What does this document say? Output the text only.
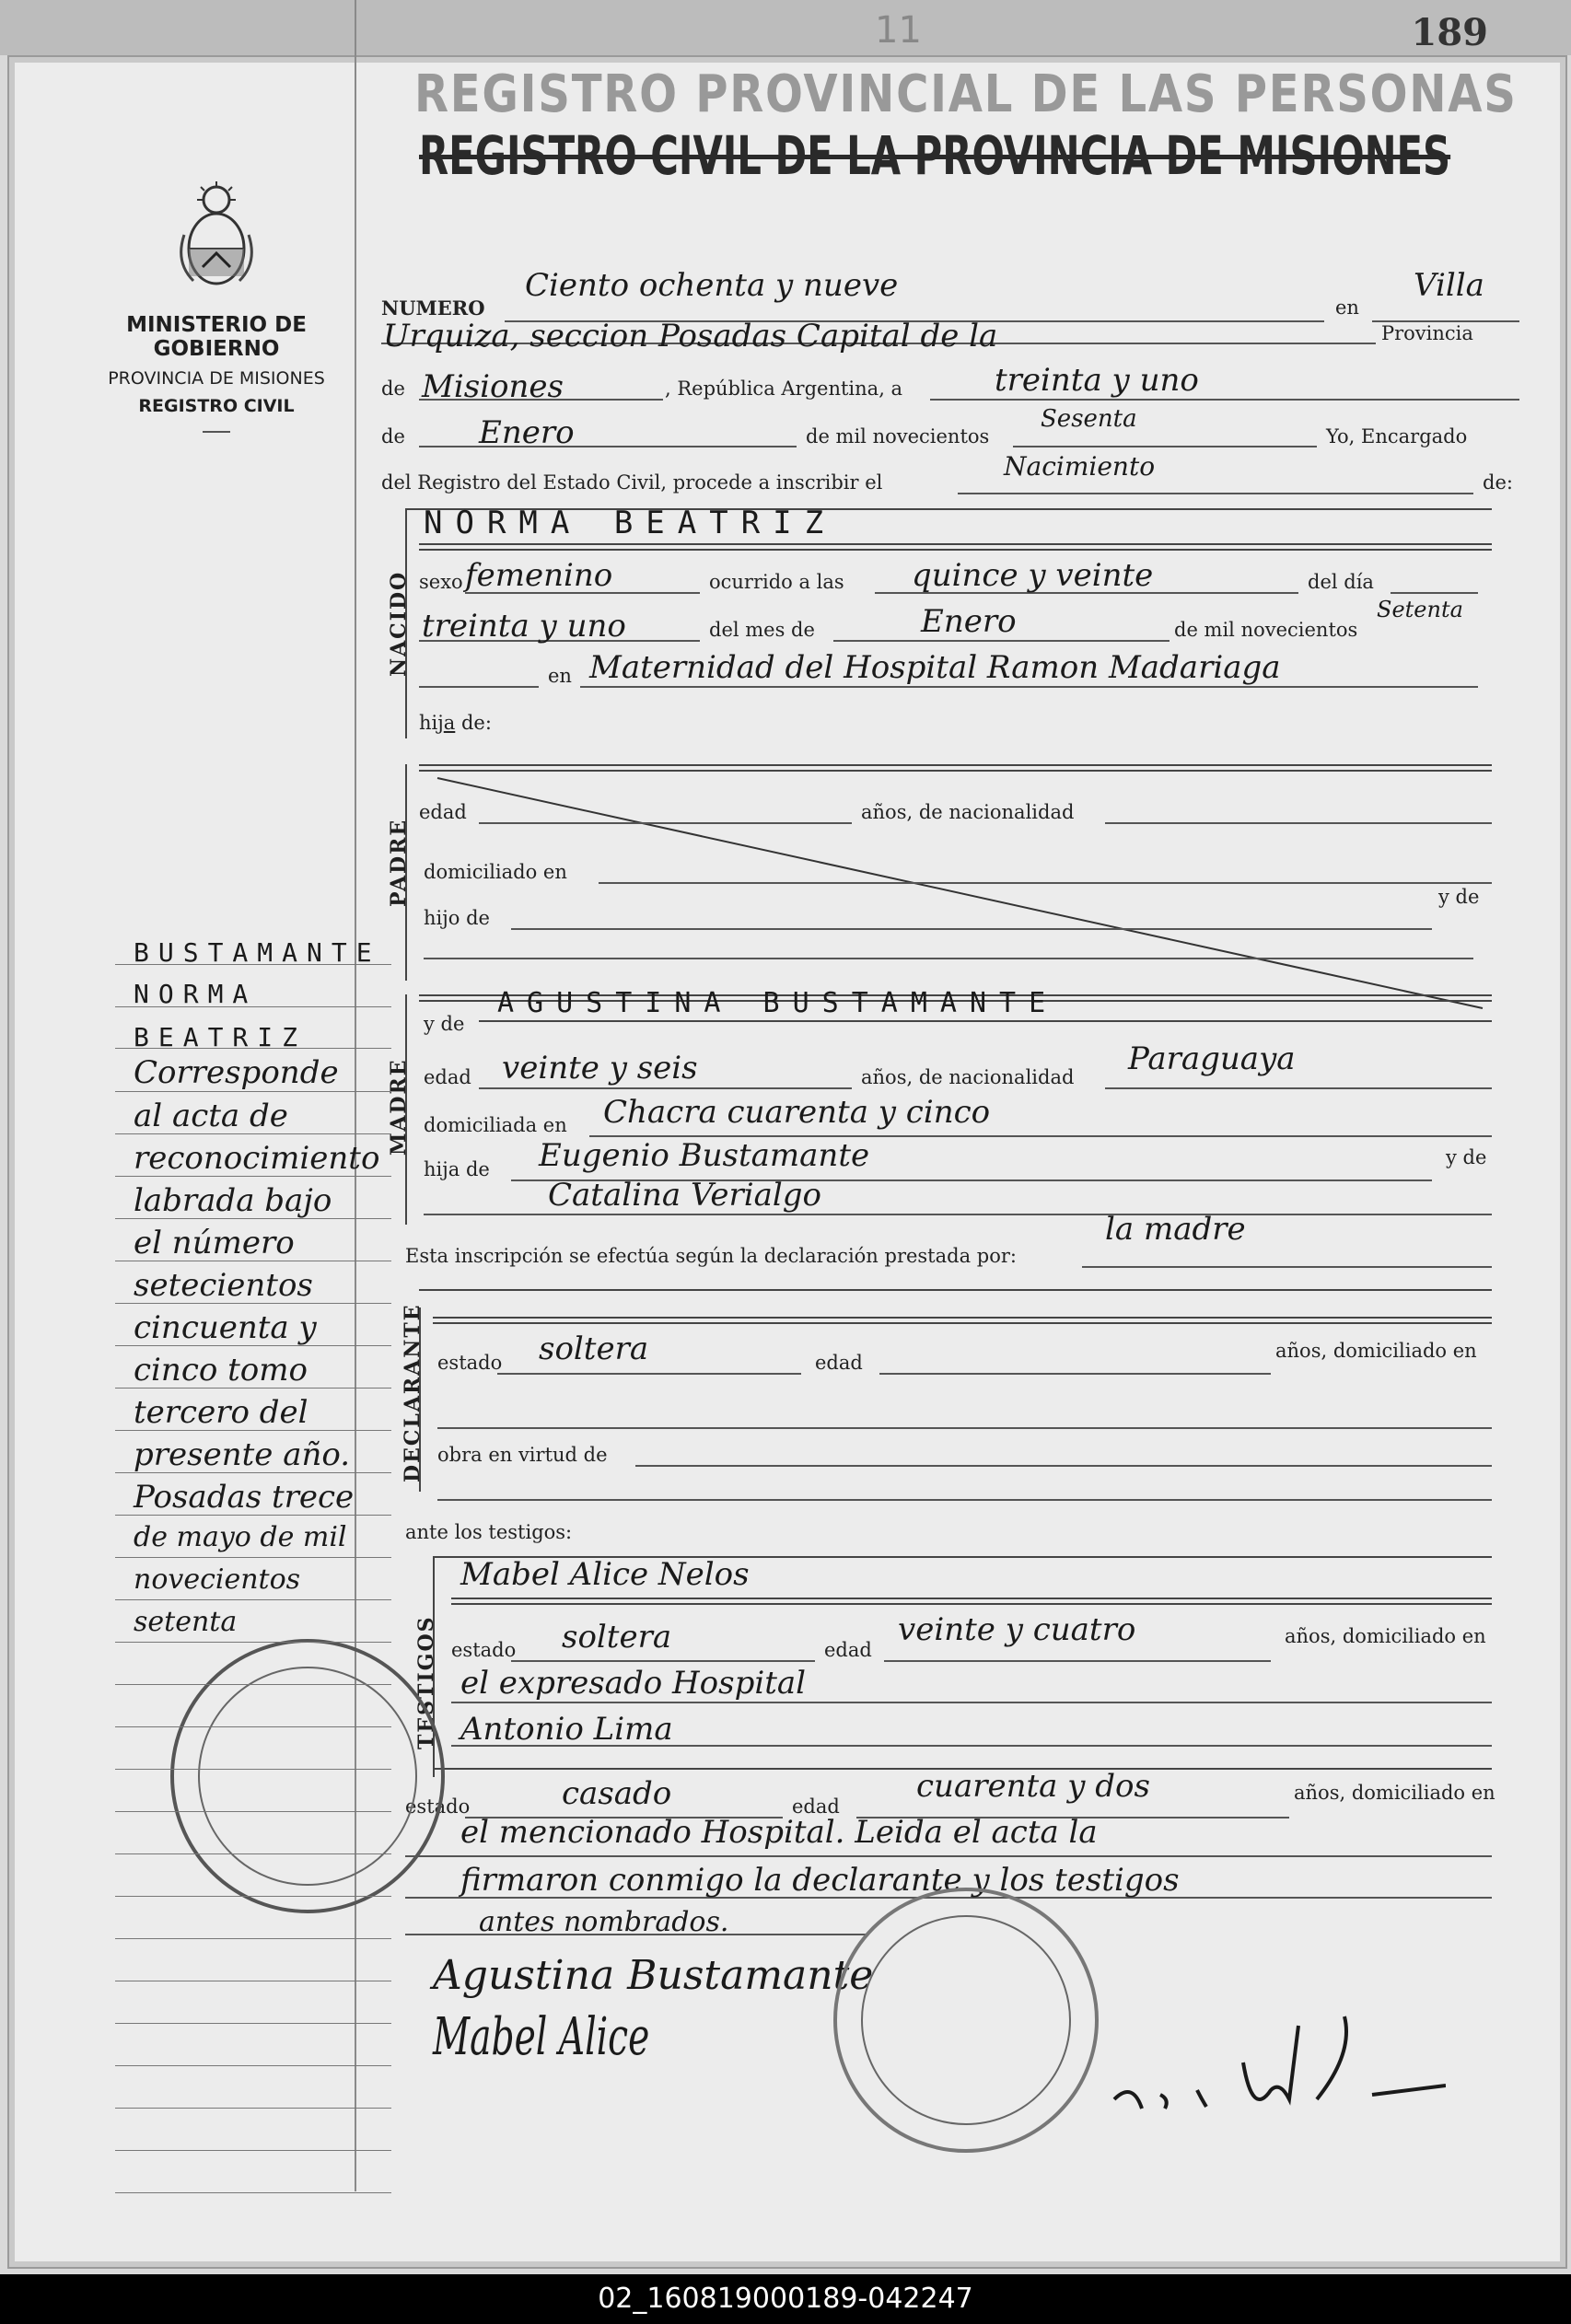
11	189
REGISTRO PROVINCIAL DE LAS PERSONAS
REGISTRO CIVIL DE LA PROVINCIA DE MISIONES
MINISTERIO DE GOBIERNO
PROVINCIA DE MISIONES
REGISTRO CIVIL
NUMERO
Ciento ochenta y nueve
en
Villa
Urquiza, seccion Posadas Capital de la	Provincia
de Misiones	, República Argentina, a	treinta y uno
de Enero	de mil novecientos
Sesenta
Yo, Encargado
del Registro del Estado Civil, procede a inscribir el
Nacimiento
de:
NACIDO
NORMA BEATRIZ
sexo femenino	ocurrido a las quince y veinte	del día
treinta y uno	del mes de	Enero	de mil novecientos
Setenta
en Maternidad del Hospital Ramon Madariaga
hija de:
PADRE
edad	años, de nacionalidad
domiciliado en
hijo de
y de
MADRE
y de
AGUSTINA BUSTAMANTE
edad veinte y seis	años, de nacionalidad Paraguaya
domiciliada en Chacra cuarenta y cinco
hija de Eugenio Bustamante	y de
Catalina Verialgo
Esta inscripción se efectúa según la declaración prestada por:
la madre
DECLARANTE estado soltera	edad
años, domiciliado en
obra en virtud de
ante los testigos:
TESTIGOS
Mabel Alice Nelos
estado soltera	edad
veinte y cuatro	años, domiciliado en
el expresado Hospital
Antonio Lima
estado	casado	edad
cuarenta y dos	años, domiciliado en
el mencionado Hospital. Leida el acta la
firmaron conmigo la declarante y los testigos
antes nombrados.
Agustina Bustamante
Mabel Alice
BUSTAMANTE
NORMA
BEATRIZ
Corresponde
al acta de
reconocimiento
labrada bajo
el número
setecientos
cincuenta y
cinco tomo
tercero del
presente año.
Posadas trece
de mayo de mil
novecientos
setenta
02_160819000189-042247
